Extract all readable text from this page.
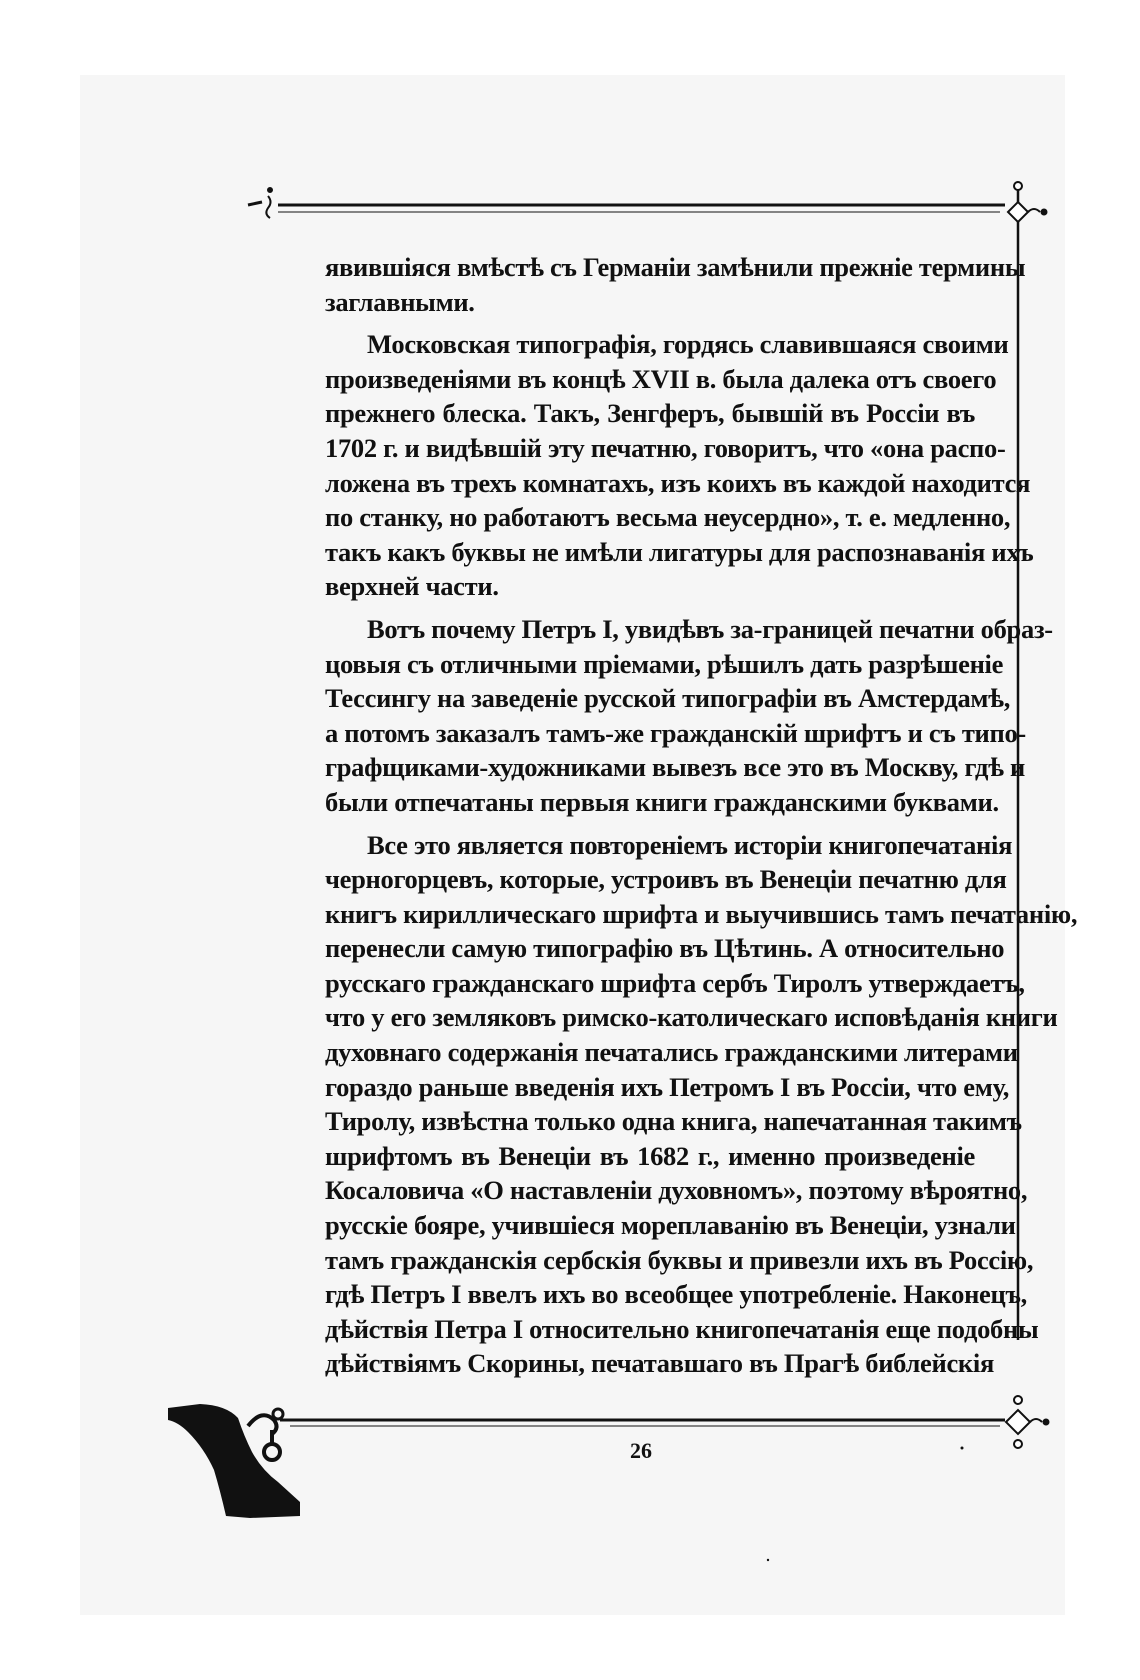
явившіяся вмѣстѣ съ Германіи замѣнили прежніе термины
заглавными.
Московская типографія, гордясь славившаяся своими
произведеніями въ концѣ XVII в. была далека отъ своего
прежнего блеска. Такъ, Зенгферъ, бывшій въ Россіи въ
1702 г. и видѣвшій эту печатню, говоритъ, что «она распо-
ложена въ трехъ комнатахъ, изъ коихъ въ каждой находится
по станку, но работаютъ весьма неусердно», т. е. медленно,
такъ какъ буквы не имѣли лигатуры для распознаванія ихъ
верхней части.
Вотъ почему Петръ I, увидѣвъ за-границей печатни образ-
цовыя съ отличными пріемами, рѣшилъ дать разрѣшеніе
Тессингу на заведеніе русской типографіи въ Амстердамѣ,
а потомъ заказалъ тамъ-же гражданскій шрифтъ и съ типо-
графщиками-художниками вывезъ все это въ Москву, гдѣ и
были отпечатаны первыя книги гражданскими буквами.
Все это является повтореніемъ исторіи книгопечатанія
черногорцевъ, которые, устроивъ въ Венеціи печатню для
книгъ кириллическаго шрифта и выучившись тамъ печатанію,
перенесли самую типографію въ Цѣтинь. А относительно
русскаго гражданскаго шрифта сербъ Тиролъ утверждаетъ,
что у его земляковъ римско-католическаго исповѣданія книги
духовнаго содержанія печатались гражданскими литерами
гораздо раньше введенія ихъ Петромъ I въ Россіи, что ему,
Тиролу, извѣстна только одна книга, напечатанная такимъ
шрифтомъ въ Венеціи въ 1682 г., именно произведеніе
Косаловича «О наставленіи духовномъ», поэтому вѣроятно,
русскіе бояре, учившіеся мореплаванію въ Венеціи, узнали
тамъ гражданскія сербскія буквы и привезли ихъ въ Россію,
гдѣ Петръ I ввелъ ихъ во всеобщее употребленіе. Наконецъ,
дѣйствія Петра I относительно книгопечатанія еще подобны
дѣйствіямъ Скорины, печатавшаго въ Прагѣ библейскія
26
